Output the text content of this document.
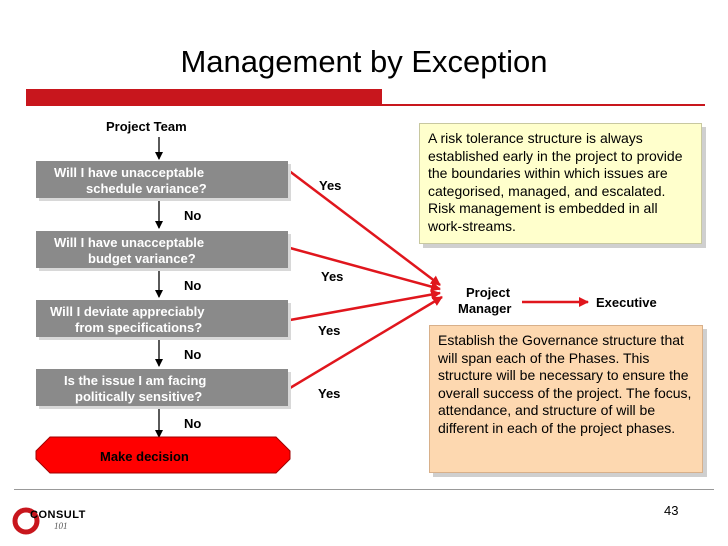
Management by Exception
Project Team
Will I have unacceptable
schedule variance?
Will I have unacceptable
budget variance?
Will I deviate appreciably
from specifications?
Is the issue I am facing
politically sensitive?
No
No
No
No
Yes
Yes
Yes
Yes
Make decision
Project
Manager	Executive
A risk tolerance structure is always established early in the project to provide the boundaries within which issues are categorised, managed, and escalated. Risk management is embedded in all work-streams.
Establish the Governance structure that will span each of the Phases. This structure will be necessary to ensure the overall success of the project. The focus, attendance, and structure of will be different in each of the project phases.
43
CONSULT
101
